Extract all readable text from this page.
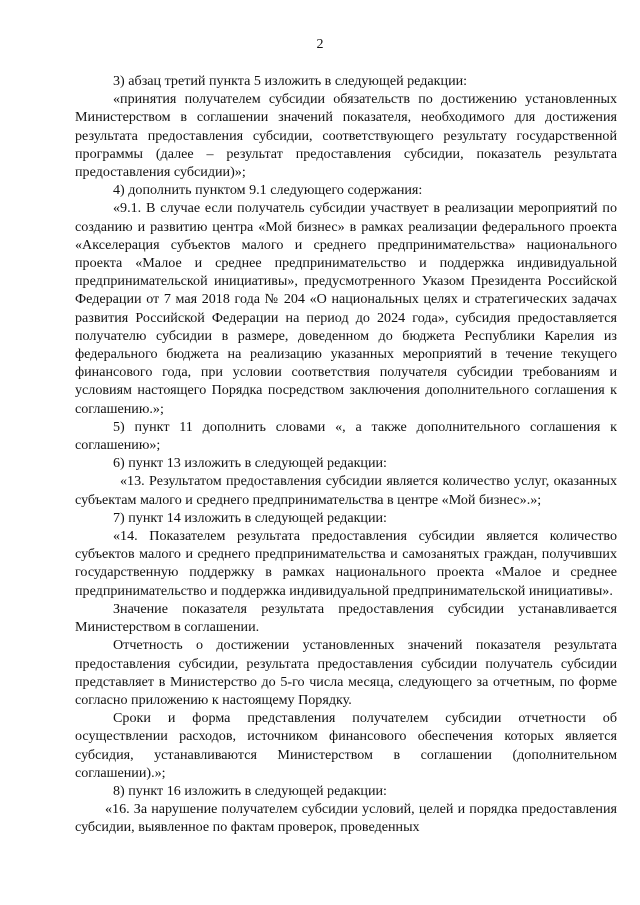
2

3) абзац третий пункта 5 изложить в следующей редакции:

«принятия получателем субсидии обязательств по достижению установленных Министерством в соглашении значений показателя, необходимого для достижения результата предоставления субсидии, соответствующего результату государственной программы (далее – результат предоставления субсидии, показатель результата предоставления субсидии)»;

4) дополнить пунктом 9.1 следующего содержания:

«9.1. В случае если получатель субсидии участвует в реализации мероприятий по созданию и развитию центра «Мой бизнес» в рамках реализации федерального проекта «Акселерация субъектов малого и среднего предпринимательства» национального проекта «Малое и среднее предпринимательство и поддержка индивидуальной предпринимательской инициативы», предусмотренного Указом Президента Российской Федерации от 7 мая 2018 года № 204 «О национальных целях и стратегических задачах развития Российской Федерации на период до 2024 года», субсидия предоставляется получателю субсидии в размере, доведенном до бюджета Республики Карелия из федерального бюджета на реализацию указанных мероприятий в течение текущего финансового года, при условии соответствия получателя субсидии требованиям и условиям настоящего Порядка посредством заключения дополнительного соглашения к соглашению.»;

5) пункт 11 дополнить словами «, а также дополнительного соглашения к соглашению»;

6) пункт 13 изложить в следующей редакции:

«13. Результатом предоставления субсидии является количество услуг, оказанных субъектам малого и среднего предпринимательства в центре «Мой бизнес».»;

7) пункт 14 изложить в следующей редакции:

«14. Показателем результата предоставления субсидии является количество субъектов малого и среднего предпринимательства и самозанятых граждан, получивших государственную поддержку в рамках национального проекта «Малое и среднее предпринимательство и поддержка индивидуальной предпринимательской инициативы».

Значение показателя результата предоставления субсидии устанавливается Министерством в соглашении.

Отчетность о достижении установленных значений показателя результата предоставления субсидии, результата предоставления субсидии получатель субсидии представляет в Министерство до 5-го числа месяца, следующего за отчетным, по форме согласно приложению к настоящему Порядку.

Сроки и форма представления получателем субсидии отчетности об осуществлении расходов, источником финансового обеспечения которых является субсидия, устанавливаются Министерством в соглашении (дополнительном соглашении).»;

8) пункт 16 изложить в следующей редакции:

«16. За нарушение получателем субсидии условий, целей и порядка предоставления субсидии, выявленное по фактам проверок, проведенных
